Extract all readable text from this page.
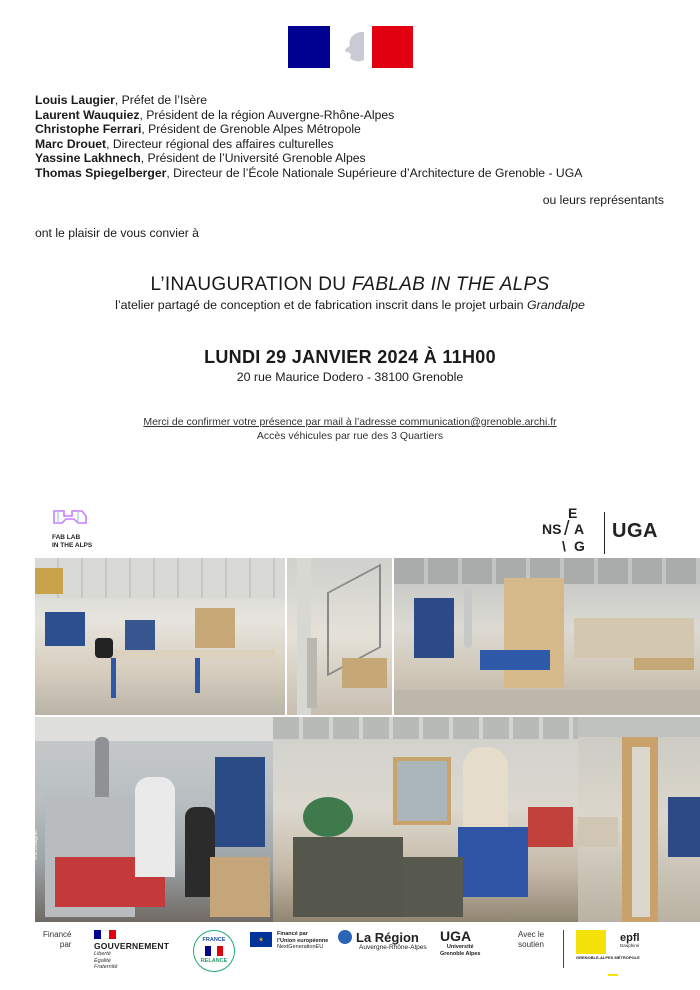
Louis Laugier, Préfet de l’Isère
Laurent Wauquiez, Président de la région Auvergne-Rhône-Alpes
Christophe Ferrari, Président de Grenoble Alpes Métropole
Marc Drouet, Directeur régional des affaires culturelles
Yassine Lakhnech, Président de l’Université Grenoble Alpes
Thomas Spiegelberger, Directeur de l’École Nationale Supérieure d’Architecture de Grenoble - UGA
ou leurs représentants
ont le plaisir de vous convier à
L’INAUGURATION DU FABLAB IN THE ALPS
l’atelier partagé de conception et de fabrication inscrit dans le projet urbain Grandalpe
LUNDI 29 JANVIER 2024 À 11H00
20 rue Maurice Dodero - 38100 Grenoble
Merci de confirmer votre présence par mail à l’adresse communication@grenoble.archi.fr
Accès véhicules par rue des 3 Quartiers
FAB LAB
IN THE ALPS
E
NS / A
G
\
UGA
© E.Chaignet
Financé
par	GOUVERNEMENT
Liberté
Égalité
Fraternité
FRANCE
RELANCE
✶
Financé par
l’Union européenne
NextGenerationEU
La Région
Auvergne-Rhône-Alpes
UGA
Université
Grenoble Alpes
Avec le
soutien
GRENOBLE-ALPES MÉTROPOLE
epfl
Dauphiné
